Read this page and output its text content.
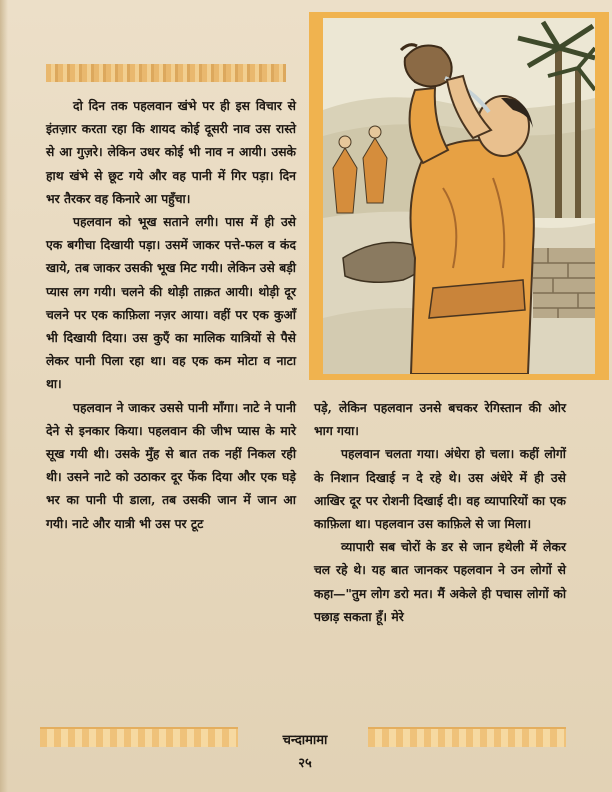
दो दिन तक पहलवान खंभे पर ही इस विचार से इंतज़ार करता रहा कि शायद कोई दूसरी नाव उस रास्ते से आ गुज़रे। लेकिन उधर कोई भी नाव न आयी। उसके हाथ खंभे से छूट गये और वह पानी में गिर पड़ा। दिन भर तैरकर वह किनारे आ पहुँचा।

पहलवान को भूख सताने लगी। पास में ही उसे एक बगीचा दिखायी पड़ा। उसमें जाकर पत्ते-फल व कंद खाये, तब जाकर उसकी भूख मिट गयी। लेकिन उसे बड़ी प्यास लग गयी। चलने की थोड़ी ताक़त आयी। थोड़ी दूर चलने पर एक काफ़िला नज़र आया। वहीं पर एक कुआँ भी दिखायी दिया। उस कुएँ का मालिक यात्रियों से पैसे लेकर पानी पिला रहा था। वह एक कम मोटा व नाटा था।

पहलवान ने जाकर उससे पानी माँगा। नाटे ने पानी देने से इनकार किया। पहलवान की जीभ प्यास के मारे सूख गयी थी। उसके मुँह से बात तक नहीं निकल रही थी। उसने नाटे को उठाकर दूर फेंक दिया और एक घड़े भर का पानी पी डाला, तब उसकी जान में जान आ गयी। नाटे और यात्री भी उस पर टूट

पड़े, लेकिन पहलवान उनसे बचकर रेगिस्तान की ओर भाग गया।

पहलवान चलता गया। अंधेरा हो चला। कहीं लोगों के निशान दिखाई न दे रहे थे। उस अंधेरे में ही उसे आखिर दूर पर रोशनी दिखाई दी। वह व्यापारियों का एक काफ़िला था। पहलवान उस काफ़िले से जा मिला।

व्यापारी सब चोरों के डर से जान हथेली में लेकर चल रहे थे। यह बात जानकर पहलवान ने उन लोगों से कहा—"तुम लोग डरो मत। मैं अकेले ही पचास लोगों को पछाड़ सकता हूँ। मेरे

चन्दामामा
२५
